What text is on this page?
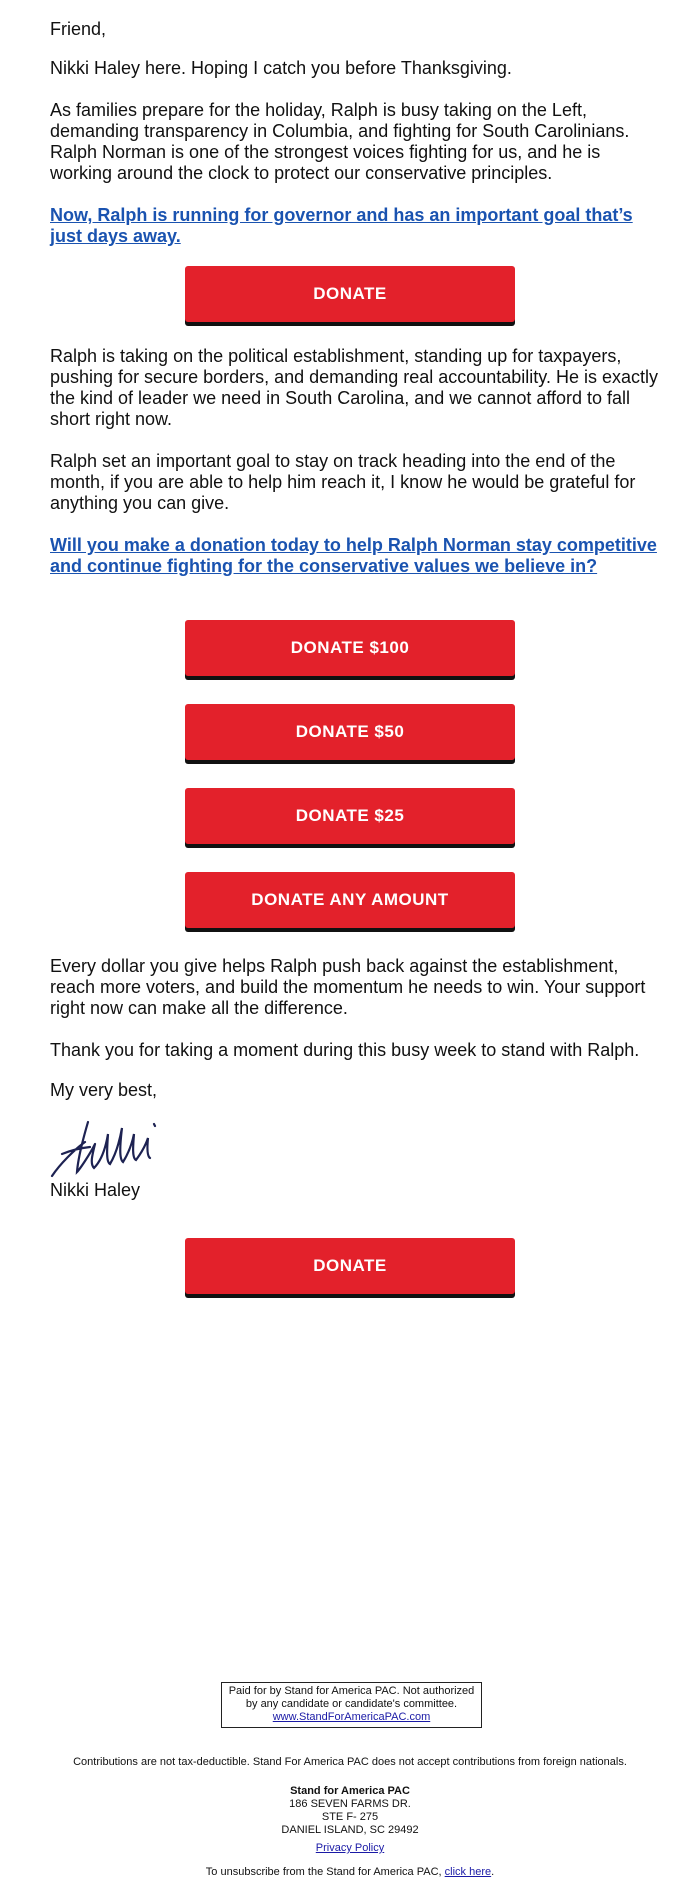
Friend,

Nikki Haley here. Hoping I catch you before Thanksgiving.

As families prepare for the holiday, Ralph is busy taking on the Left, demanding transparency in Columbia, and fighting for South Carolinians. Ralph Norman is one of the strongest voices fighting for us, and he is working around the clock to protect our conservative principles.

Now, Ralph is running for governor and has an important goal that’s just days away.

DONATE

Ralph is taking on the political establishment, standing up for taxpayers, pushing for secure borders, and demanding real accountability. He is exactly the kind of leader we need in South Carolina, and we cannot afford to fall short right now.

Ralph set an important goal to stay on track heading into the end of the month, if you are able to help him reach it, I know he would be grateful for anything you can give.

Will you make a donation today to help Ralph Norman stay competitive and continue fighting for the conservative values we believe in?

DONATE $100
DONATE $50
DONATE $25
DONATE ANY AMOUNT

Every dollar you give helps Ralph push back against the establishment, reach more voters, and build the momentum he needs to win. Your support right now can make all the difference.

Thank you for taking a moment during this busy week to stand with Ralph.

My very best,

Nikki Haley

DONATE
Paid for by Stand for America PAC. Not authorized
by any candidate or candidate's committee.
www.StandForAmericaPAC.com
Contributions are not tax-deductible. Stand For America PAC does not accept contributions from foreign nationals.
Stand for America PAC
186 SEVEN FARMS DR.
STE F- 275
DANIEL ISLAND, SC 29492
Privacy Policy
To unsubscribe from the Stand for America PAC, click here.
